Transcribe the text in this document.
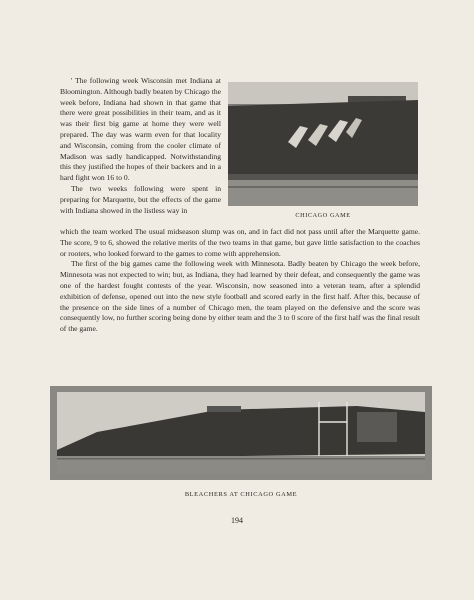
' The following week Wisconsin met Indiana at Bloomington. Although badly beaten by Chicago the week before, Indiana had shown in that game that there were great possibilities in their team, and as it was their first big game at home they were well prepared. The day was warm even for that locality and Wisconsin, coming from the cooler climate of Madison was sadly handicapped. Notwithstanding this they justified the hopes of their backers and in a hard fight won 16 to 0.

The two weeks following were spent in preparing for Marquette, but the effects of the game with Indiana showed in the listless way in

CHICAGO GAME

which the team worked The usual midseason slump was on, and in fact did not pass until after the Marquette game. The score, 9 to 6, showed the relative merits of the two teams in that game, but gave little satisfaction to the coaches or rooters, who looked forward to the games to come with apprehension.

The first of the big games came the following week with Minnesota. Badly beaten by Chicago the week before, Minnesota was not expected to win; but, as Indiana, they had learned by their defeat, and consequently the game was one of the hardest fought contests of the year. Wisconsin, now seasoned into a veteran team, after a splendid exhibition of defense, opened out into the new style football and scored early in the first half. After this, because of the presence on the side lines of a number of Chicago men, the team played on the defensive and the score was consequently low, no further scoring being done by either team and the 3 to 0 score of the first half was the final result of the game.

BLEACHERS AT CHICAGO GAME

194
